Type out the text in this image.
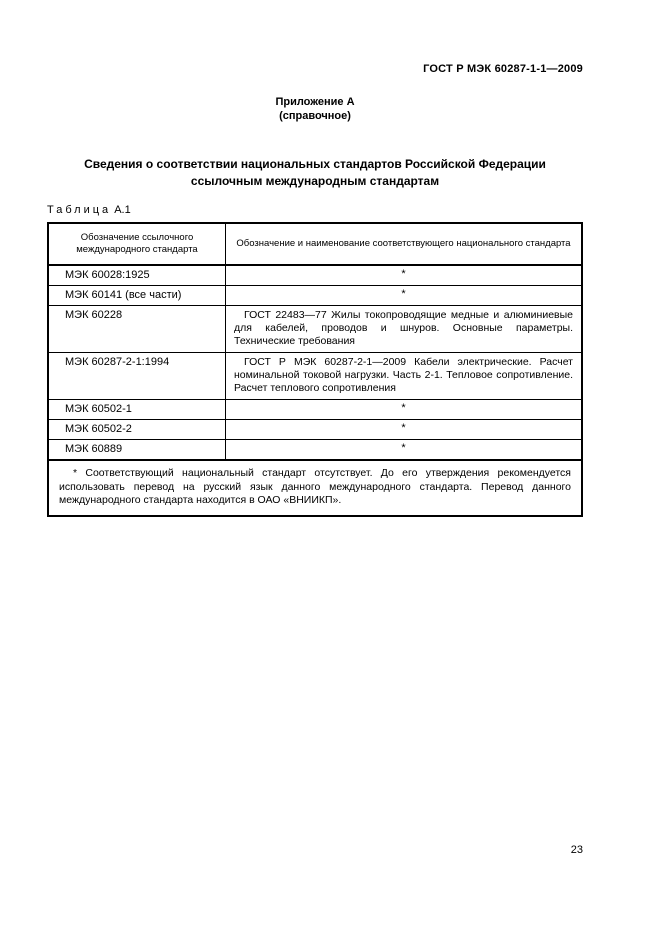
ГОСТ Р МЭК 60287-1-1—2009
Приложение А
(справочное)
Сведения о соответствии национальных стандартов Российской Федерации
ссылочным международным стандартам
Таблица А.1
Обозначение ссылочного международного стандарта	Обозначение и наименование соответствующего национального стандарта
МЭК 60028:1925	*
МЭК 60141 (все части)	*
МЭК 60228	ГОСТ 22483—77 Жилы токопроводящие медные и алюминиевые для кабелей, проводов и шнуров. Основные параметры. Технические требования
МЭК 60287-2-1:1994	ГОСТ Р МЭК 60287-2-1—2009 Кабели электрические. Расчет номинальной токовой нагрузки. Часть 2-1. Тепловое сопротивление. Расчет теплового сопротивления
МЭК 60502-1	*
МЭК 60502-2	*
МЭК 60889	*
* Соответствующий национальный стандарт отсутствует. До его утверждения рекомендуется использовать перевод на русский язык данного международного стандарта. Перевод данного международного стандарта находится в ОАО «ВНИИКП».	
23
